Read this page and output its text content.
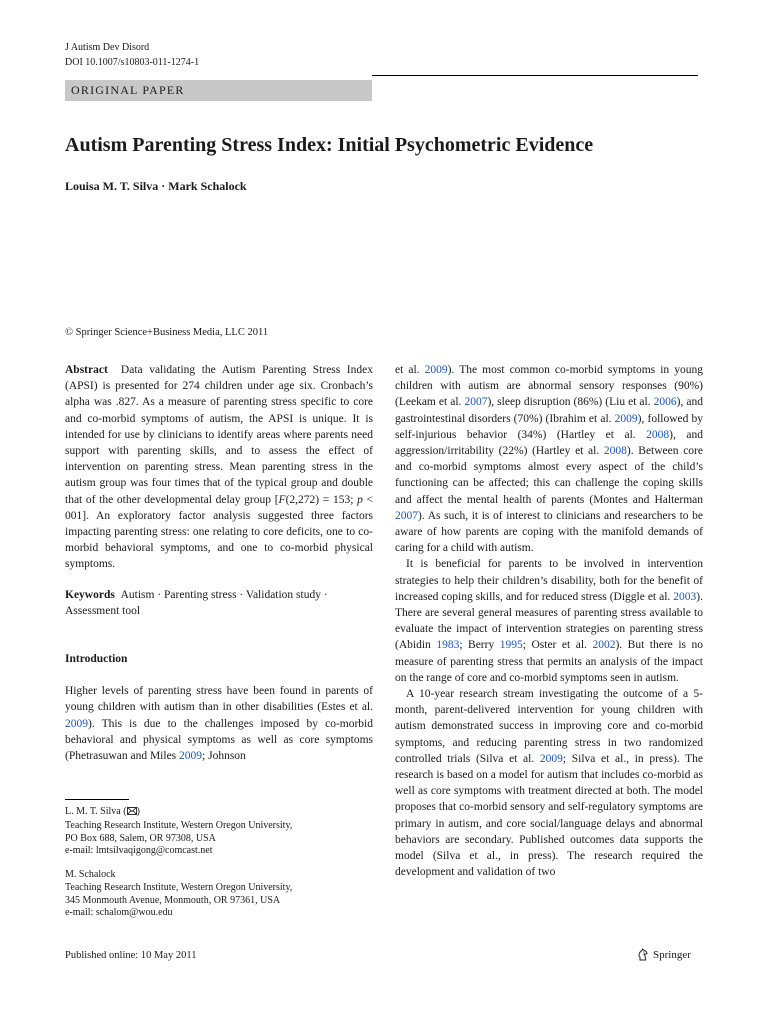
J Autism Dev Disord
DOI 10.1007/s10803-011-1274-1
ORIGINAL PAPER
Autism Parenting Stress Index: Initial Psychometric Evidence
Louisa M. T. Silva · Mark Schalock
© Springer Science+Business Media, LLC 2011

Abstract Data validating the Autism Parenting Stress Index (APSI) is presented for 274 children under age six. Cronbach’s alpha was .827. As a measure of parenting stress specific to core and co-morbid symptoms of autism, the APSI is unique. It is intended for use by clinicians to identify areas where parents need support with parenting skills, and to assess the effect of intervention on parenting stress. Mean parenting stress in the autism group was four times that of the typical group and double that of the other developmental delay group [F(2,272) = 153; p < 001]. An exploratory factor analysis suggested three factors impacting parenting stress: one relating to core deficits, one to co-morbid behavioral symptoms, and one to co-morbid physical symptoms.

Keywords Autism · Parenting stress · Validation study · Assessment tool

Introduction

Higher levels of parenting stress have been found in parents of young children with autism than in other disabilities (Estes et al. 2009). This is due to the challenges imposed by co-morbid behavioral and physical symptoms as well as core symptoms (Phetrasuwan and Miles 2009; Johnson

L. M. T. Silva ( )
Teaching Research Institute, Western Oregon University,
PO Box 688, Salem, OR 97308, USA
e-mail: lmtsilvaqigong@comcast.net
M. Schalock
Teaching Research Institute, Western Oregon University,
345 Monmouth Avenue, Monmouth, OR 97361, USA
e-mail: schalom@wou.edu

et al. 2009). The most common co-morbid symptoms in young children with autism are abnormal sensory responses (90%) (Leekam et al. 2007), sleep disruption (86%) (Liu et al. 2006), and gastrointestinal disorders (70%) (Ibrahim et al. 2009), followed by self-injurious behavior (34%) (Hartley et al. 2008), and aggression/irritability (22%) (Hartley et al. 2008). Between core and co-morbid symptoms almost every aspect of the child’s functioning can be affected; this can challenge the coping skills and affect the mental health of parents (Montes and Halterman 2007). As such, it is of interest to clinicians and researchers to be aware of how parents are coping with the manifold demands of caring for a child with autism.

It is beneficial for parents to be involved in intervention strategies to help their children’s disability, both for the benefit of increased coping skills, and for reduced stress (Diggle et al. 2003). There are several general measures of parenting stress available to evaluate the impact of intervention strategies on parenting stress (Abidin 1983; Berry 1995; Oster et al. 2002). But there is no measure of parenting stress that permits an analysis of the impact on the range of core and co-morbid symptoms seen in autism.

A 10-year research stream investigating the outcome of a 5-month, parent-delivered intervention for young children with autism demonstrated success in improving core and co-morbid symptoms, and reducing parenting stress in two randomized controlled trials (Silva et al. 2009; Silva et al., in press). The research is based on a model for autism that includes co-morbid as well as core symptoms with treatment directed at both. The model proposes that co-morbid sensory and self-regulatory symptoms are primary in autism, and core social/language delays and abnormal behaviors are secondary. Published outcomes data supports the model (Silva et al., in press). The research required the development and validation of two

Published online: 10 May 2011	Springer
